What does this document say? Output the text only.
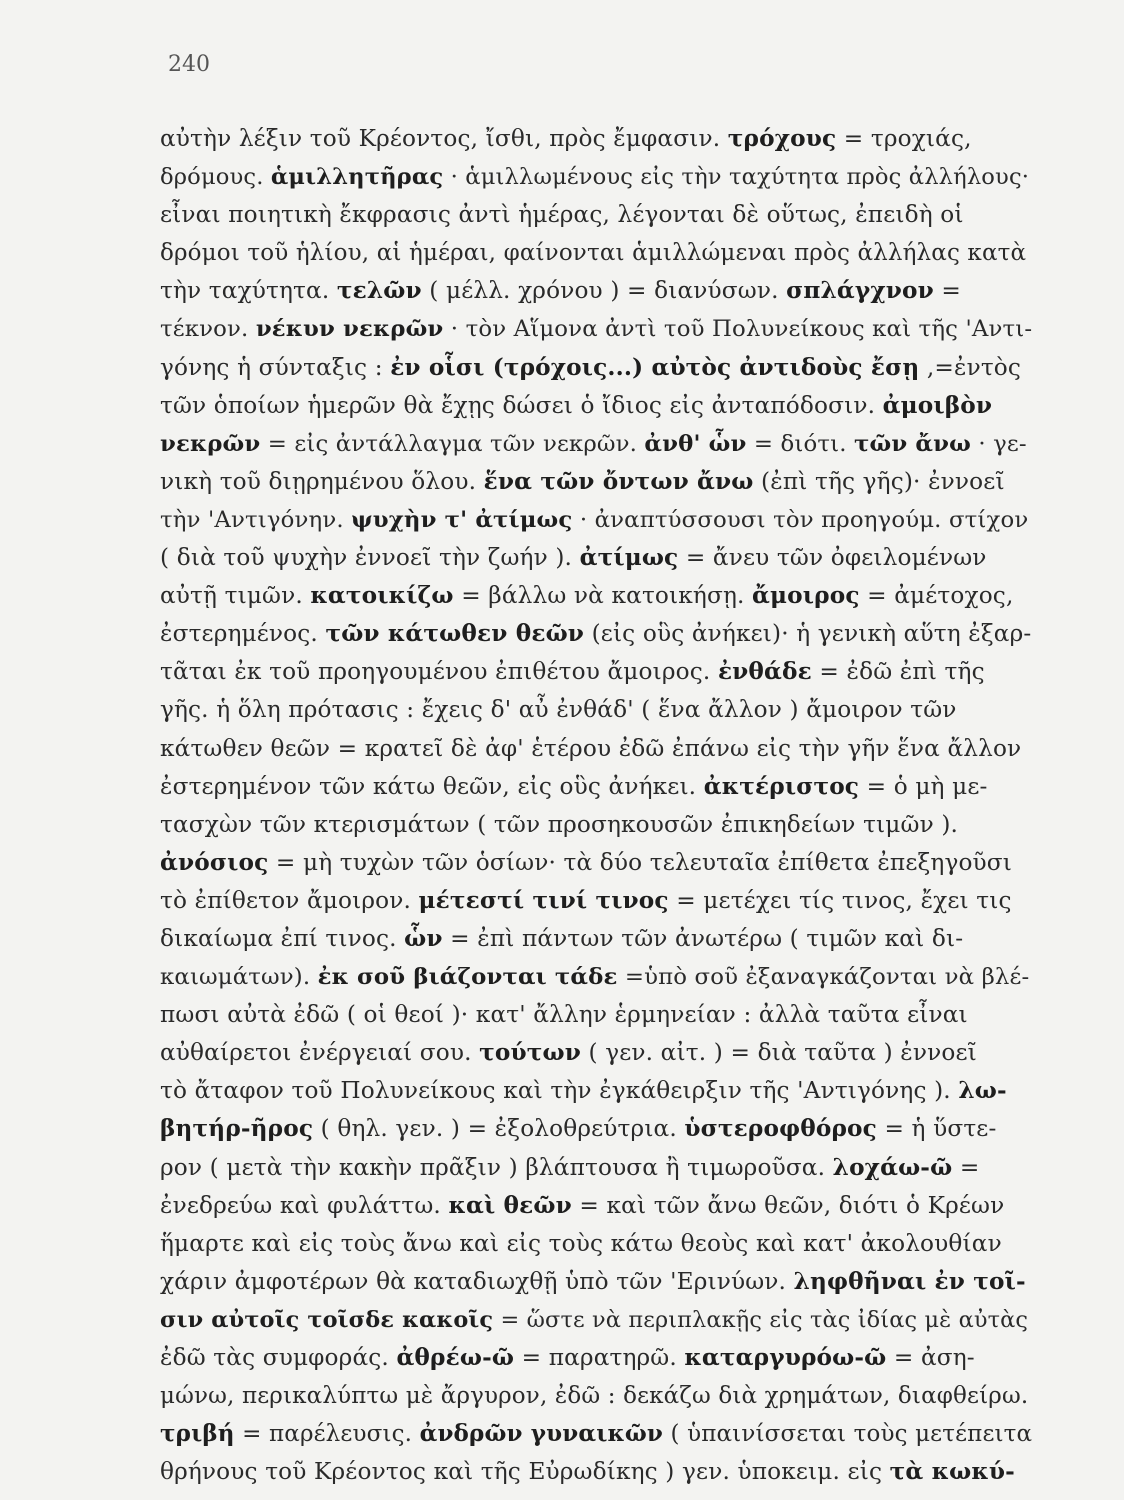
240
αὐτὴν λέξιν τοῦ Κρέοντος, ἴσθι, πρὸς ἔμφασιν. τρόχους = τροχιάς,
δρόμους. ἁμιλλητῆρας · ἁμιλλωμένους εἰς τὴν ταχύτητα πρὸς ἀλλήλους·
εἶναι ποιητικὴ ἔκφρασις ἀντὶ ἡμέρας, λέγονται δὲ οὕτως, ἐπειδὴ οἱ
δρόμοι τοῦ ἡλίου, αἱ ἡμέραι, φαίνονται ἁμιλλώμεναι πρὸς ἀλλήλας κατὰ
τὴν ταχύτητα. τελῶν ( μέλλ. χρόνου ) = διανύσων. σπλάγχνον =
τέκνον. νέκυν νεκρῶν · τὸν Αἵμονα ἀντὶ τοῦ Πολυνείκους καὶ τῆς 'Αντι-
γόνης ἡ σύνταξις : ἐν οἷσι (τρόχοις...) αὐτὸς ἀντιδοὺς ἔσῃ ,=ἐντὸς
τῶν ὁποίων ἡμερῶν θὰ ἔχῃς δώσει ὁ ἴδιος εἰς ἀνταπόδοσιν. ἀμοιβὸν
νεκρῶν = εἰς ἀντάλλαγμα τῶν νεκρῶν. ἀνθ' ὧν = διότι. τῶν ἄνω · γε-
νικὴ τοῦ διῃρημένου ὅλου. ἕνα τῶν ὄντων ἄνω (ἐπὶ τῆς γῆς)· ἐννοεῖ
τὴν 'Αντιγόνην. ψυχὴν τ' ἀτίμως · ἀναπτύσσουσι τὸν προηγούμ. στίχον
( διὰ τοῦ ψυχὴν ἐννοεῖ τὴν ζωήν ). ἀτίμως = ἄνευ τῶν ὀφειλομένων
αὐτῇ τιμῶν. κατοικίζω = βάλλω νὰ κατοικήσῃ. ἄμοιρος = ἀμέτοχος,
ἐστερημένος. τῶν κάτωθεν θεῶν (εἰς οὓς ἀνήκει)· ἡ γενικὴ αὕτη ἐξαρ-
τᾶται ἐκ τοῦ προηγουμένου ἐπιθέτου ἄμοιρος. ἐνθάδε = ἐδῶ ἐπὶ τῆς
γῆς. ἡ ὅλη πρότασις : ἔχεις δ' αὖ ἐνθάδ' ( ἕνα ἄλλον ) ἄμοιρον τῶν
κάτωθεν θεῶν = κρατεῖ δὲ ἀφ' ἑτέρου ἐδῶ ἐπάνω εἰς τὴν γῆν ἕνα ἄλλον
ἐστερημένον τῶν κάτω θεῶν, εἰς οὓς ἀνήκει. ἀκτέριστος = ὁ μὴ με-
τασχὼν τῶν κτερισμάτων ( τῶν προσηκουσῶν ἐπικηδείων τιμῶν ).
ἀνόσιος = μὴ τυχὼν τῶν ὁσίων· τὰ δύο τελευταῖα ἐπίθετα ἐπεξηγοῦσι
τὸ ἐπίθετον ἄμοιρον. μέτεστί τινί τινος = μετέχει τίς τινος, ἔχει τις
δικαίωμα ἐπί τινος. ὧν = ἐπὶ πάντων τῶν ἀνωτέρω ( τιμῶν καὶ δι-
καιωμάτων). ἐκ σοῦ βιάζονται τάδε =ὑπὸ σοῦ ἐξαναγκάζονται νὰ βλέ-
πωσι αὐτὰ ἐδῶ ( οἱ θεοί )· κατ' ἄλλην ἑρμηνείαν : ἀλλὰ ταῦτα εἶναι
αὐθαίρετοι ἐνέργειαί σου. τούτων ( γεν. αἰτ. ) = διὰ ταῦτα ) ἐννοεῖ
τὸ ἄταφον τοῦ Πολυνείκους καὶ τὴν ἐγκάθειρξιν τῆς 'Αντιγόνης ). λω-
βητήρ-ῆρος ( θηλ. γεν. ) = ἐξολοθρεύτρια. ὑστεροφθόρος = ἡ ὕστε-
ρον ( μετὰ τὴν κακὴν πρᾶξιν ) βλάπτουσα ἢ τιμωροῦσα. λοχάω-ῶ =
ἐνεδρεύω καὶ φυλάττω. καὶ θεῶν = καὶ τῶν ἄνω θεῶν, διότι ὁ Κρέων
ἥμαρτε καὶ εἰς τοὺς ἄνω καὶ εἰς τοὺς κάτω θεοὺς καὶ κατ' ἀκολουθίαν
χάριν ἀμφοτέρων θὰ καταδιωχθῇ ὑπὸ τῶν 'Ερινύων. ληφθῆναι ἐν τοῖ-
σιν αὐτοῖς τοῖσδε κακοῖς = ὥστε νὰ περιπλακῇς εἰς τὰς ἰδίας μὲ αὐτὰς
ἐδῶ τὰς συμφοράς. ἀθρέω-ῶ = παρατηρῶ. καταργυρόω-ῶ = ἀση-
μώνω, περικαλύπτω μὲ ἄργυρον, ἐδῶ : δεκάζω διὰ χρημάτων, διαφθείρω.
τριβή = παρέλευσις. ἀνδρῶν γυναικῶν ( ὑπαινίσσεται τοὺς μετέπειτα
θρήνους τοῦ Κρέοντος καὶ τῆς Εὐρωδίκης ) γεν. ὑποκειμ. εἰς τὰ κωκύ-
